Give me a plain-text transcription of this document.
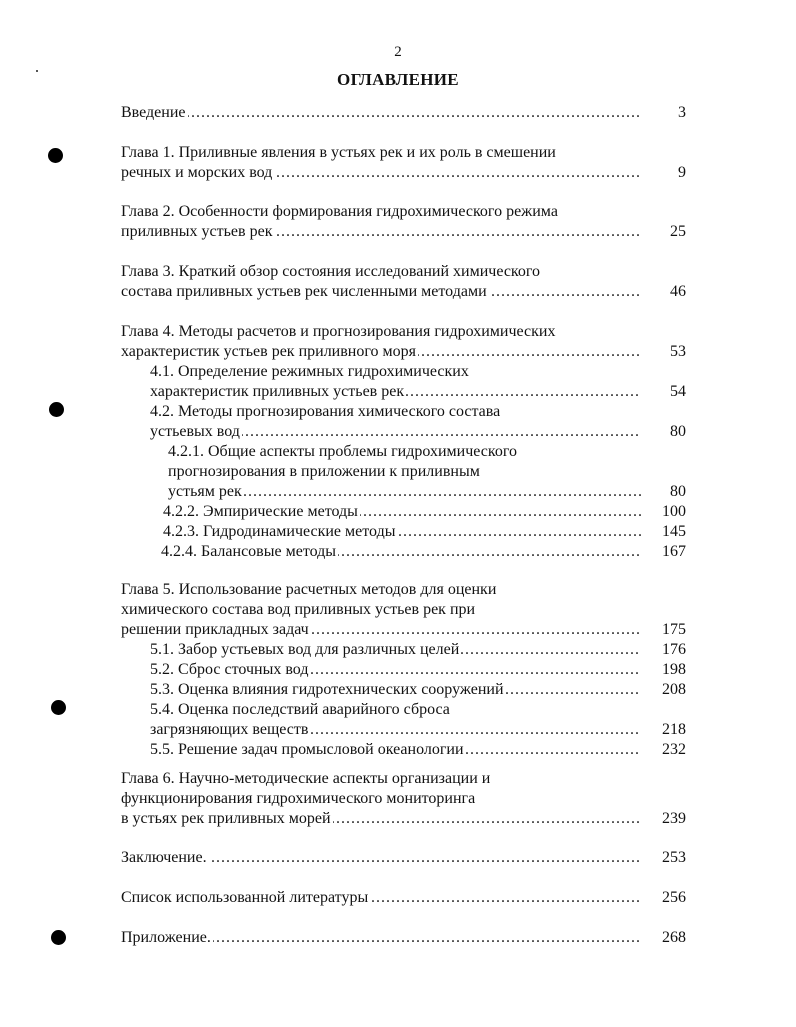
2
ОГЛАВЛЕНИЕ
..... Введение	3
Глава 1. Приливные явления в устьях рек и их роль в смешении
..... речных и морских вод	9
Глава 2. Особенности формирования гидрохимического режима
..... приливных устьев рек	25
Глава 3. Краткий обзор состояния исследований химического
..... состава приливных устьев рек численными методами	46
Глава 4. Методы расчетов и прогнозирования гидрохимических
..... характеристик устьев рек приливного моря	53
4.1. Определение режимных гидрохимических
..... характеристик приливных устьев рек	54
4.2. Методы прогнозирования химического состава
..... устьевых вод	80
4.2.1. Общие аспекты проблемы гидрохимического
прогнозирования в приложении к приливным
..... устьям рек	80
..... 4.2.2. Эмпирические методы	100
..... 4.2.3. Гидродинамические методы	145
..... 4.2.4. Балансовые методы	167
Глава 5. Использование расчетных методов для оценки
химического состава вод приливных устьев рек при
..... решении прикладных задач	175
..... 5.1. Забор устьевых вод для различных целей	176
..... 5.2. Сброс сточных вод	198
..... 5.3. Оценка влияния гидротехнических сооружений	208
5.4. Оценка последствий аварийного сброса
..... загрязняющих веществ	218
..... 5.5. Решение задач промысловой океанологии	232
Глава 6. Научно-методические аспекты организации и
функционирования гидрохимического мониторинга
..... в устьях рек приливных морей	239
..... Заключение.	253
..... Список использованной литературы	256
..... Приложение.	268
